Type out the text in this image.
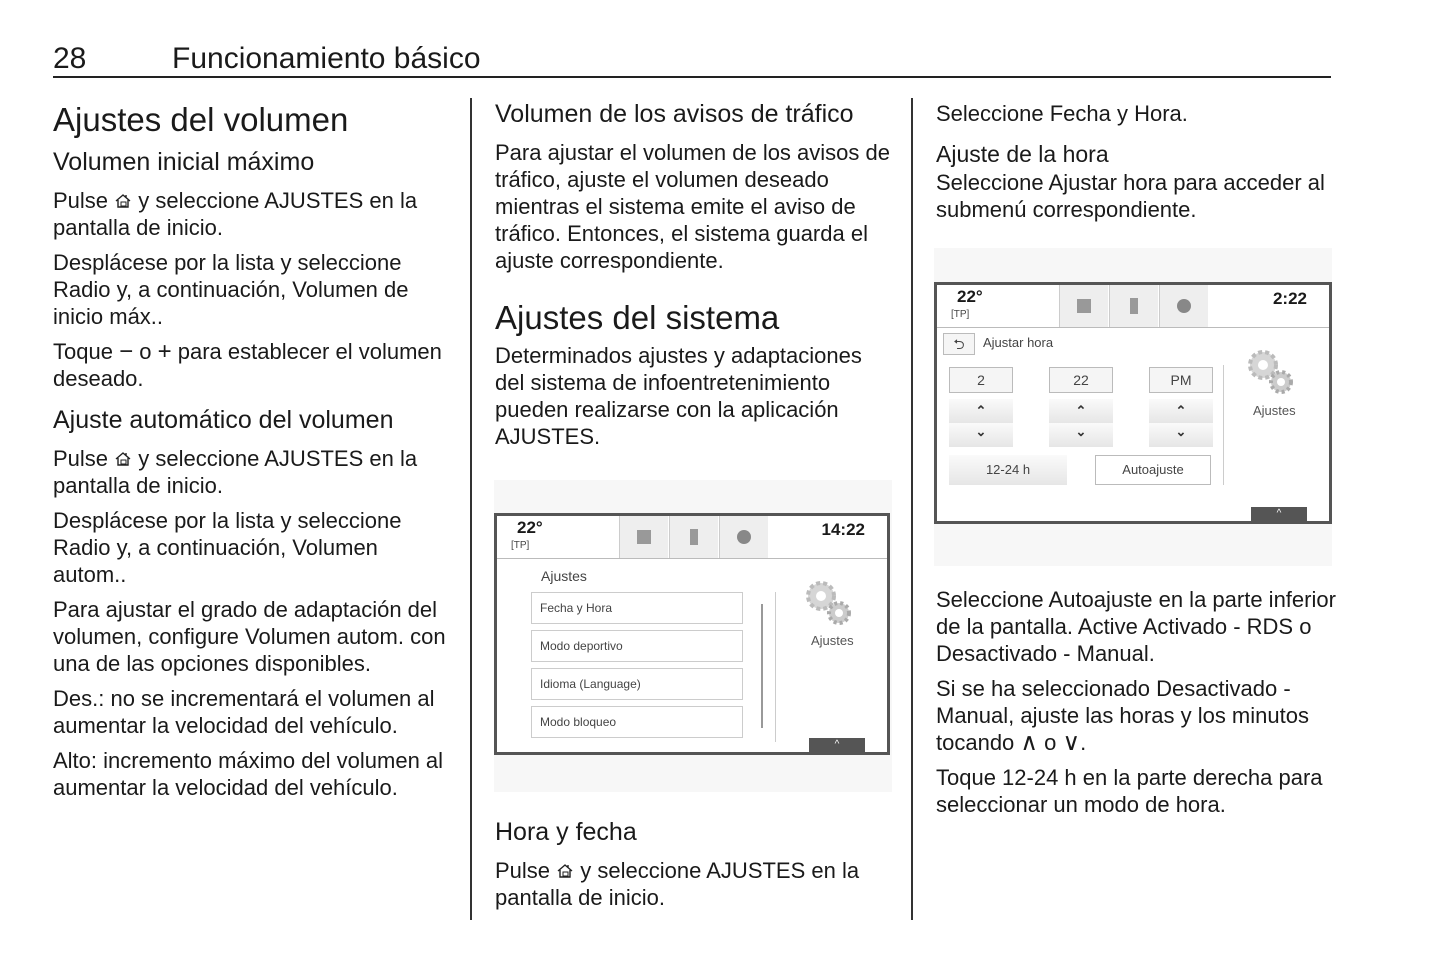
28	Funcionamiento básico
Ajustes del volumen
Volumen inicial máximo

Pulse y seleccione AJUSTES en la pantalla de inicio.

Desplácese por la lista y seleccione Radio y, a continuación, Volumen de inicio máx..

Toque − o + para establecer el volumen deseado.

Ajuste automático del volumen

Pulse y seleccione AJUSTES en la pantalla de inicio.

Desplácese por la lista y seleccione Radio y, a continuación, Volumen autom..

Para ajustar el grado de adaptación del volumen, configure Volumen autom. con una de las opciones disponibles.

Des.: no se incrementará el volumen al aumentar la velocidad del vehículo.

Alto: incremento máximo del volumen al aumentar la velocidad del vehículo.

Volumen de los avisos de tráfico

Para ajustar el volumen de los avisos de tráfico, ajuste el volumen deseado mientras el sistema emite el aviso de tráfico. Entonces, el sistema guarda el ajuste correspondiente.

Ajustes del sistema

Determinados ajustes y adaptaciones del sistema de infoentretenimiento pueden realizarse con la aplicación AJUSTES.

22°
[TP]
14:22
Ajustes
Fecha y Hora
Modo deportivo
Idioma (Language)
Modo bloqueo
Ajustes
^
Hora y fecha

Pulse y seleccione AJUSTES en la pantalla de inicio.

Seleccione Fecha y Hora.

Ajuste de la hora

Seleccione Ajustar hora para acceder al submenú correspondiente.

22°
[TP]
2:22
⮌	Ajustar hora
2
⌃
⌄
22
⌃
⌄
PM
⌃
⌄
12-24 h	Autoajuste
Ajustes
^

Seleccione Autoajuste en la parte inferior de la pantalla. Active Activado - RDS o Desactivado - Manual.

Si se ha seleccionado Desactivado - Manual, ajuste las horas y los minutos tocando ∧ o ∨.

Toque 12-24 h en la parte derecha para seleccionar un modo de hora.
